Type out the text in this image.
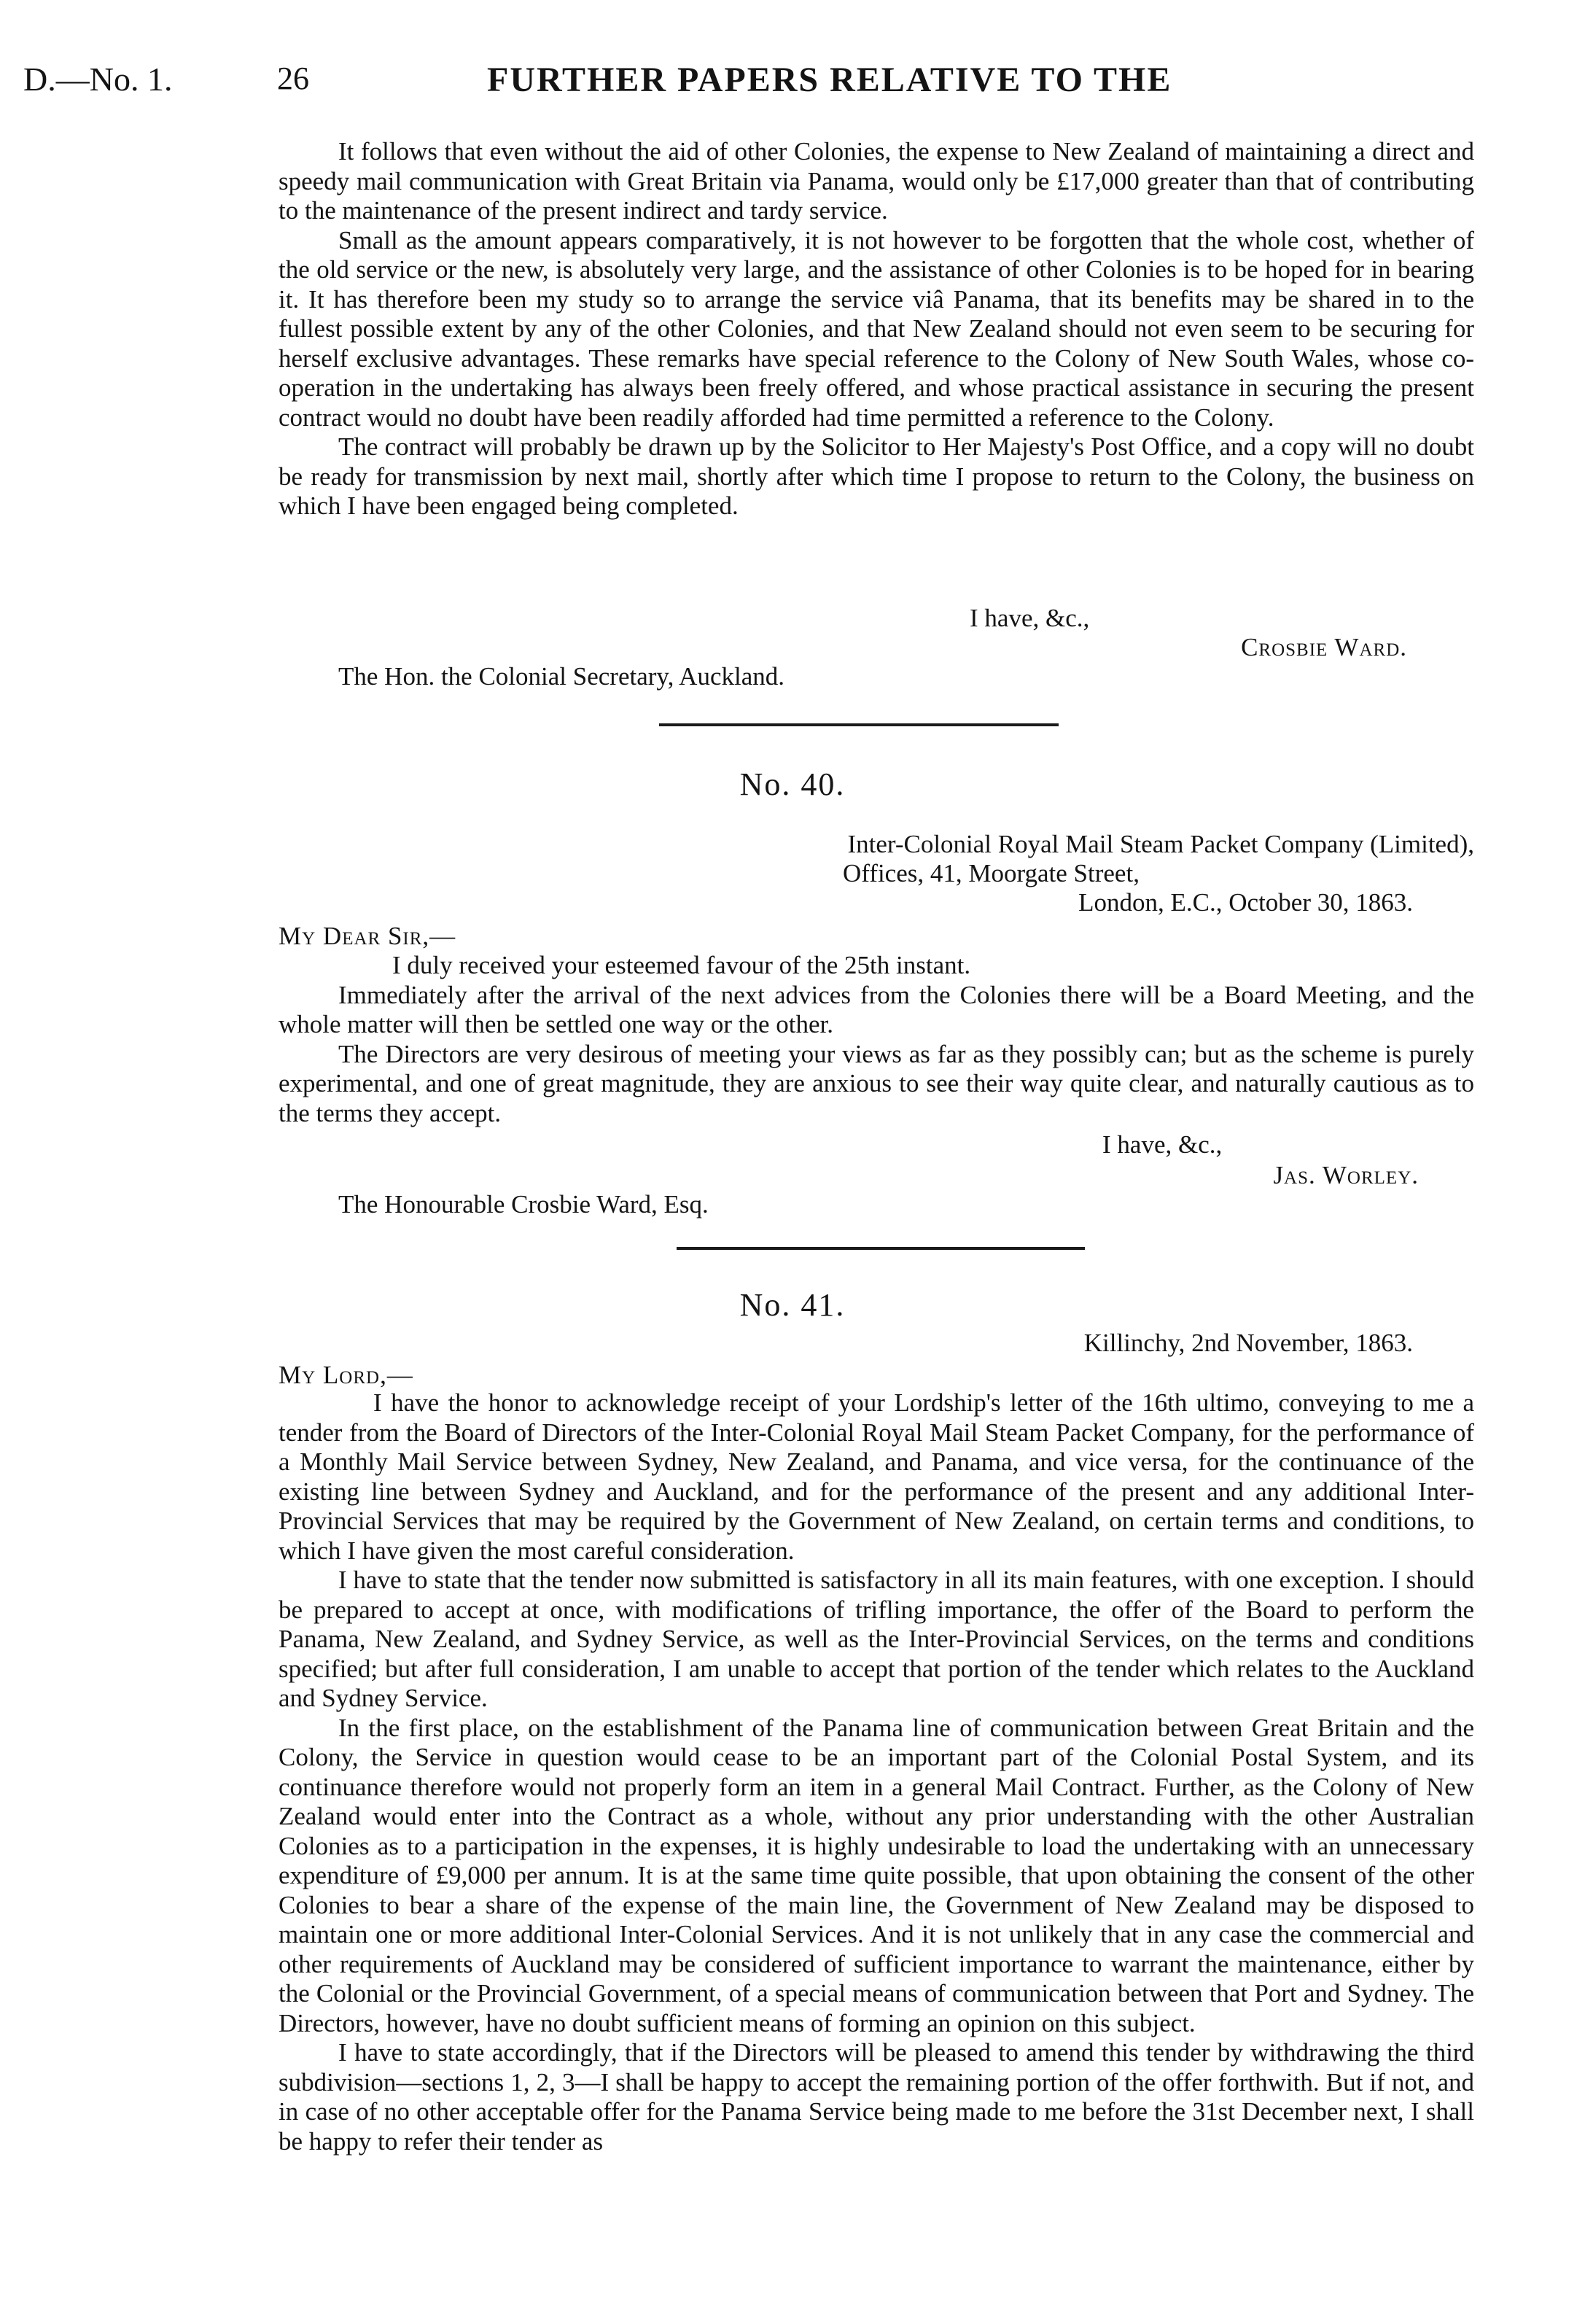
D.—No. 1.	26	FURTHER PAPERS RELATIVE TO THE

It follows that even without the aid of other Colonies, the expense to New Zealand of maintaining a direct and speedy mail communication with Great Britain via Panama, would only be £17,000 greater than that of contributing to the maintenance of the present indirect and tardy service.

Small as the amount appears comparatively, it is not however to be forgotten that the whole cost, whether of the old service or the new, is absolutely very large, and the assistance of other Colonies is to be hoped for in bearing it. It has therefore been my study so to arrange the service viâ Panama, that its benefits may be shared in to the fullest possible extent by any of the other Colonies, and that New Zealand should not even seem to be securing for herself exclusive advantages. These remarks have special reference to the Colony of New South Wales, whose co-operation in the undertaking has always been freely offered, and whose practical assistance in securing the present contract would no doubt have been readily afforded had time permitted a reference to the Colony.

The contract will probably be drawn up by the Solicitor to Her Majesty's Post Office, and a copy will no doubt be ready for transmission by next mail, shortly after which time I propose to return to the Colony, the business on which I have been engaged being completed.

I have, &c.,
Crosbie Ward.
The Hon. the Colonial Secretary, Auckland.
No. 40.
Inter-Colonial Royal Mail Steam Packet Company (Limited),
Offices, 41, Moorgate Street,
London, E.C., October 30, 1863.
My Dear Sir,—

I duly received your esteemed favour of the 25th instant.

Immediately after the arrival of the next advices from the Colonies there will be a Board Meeting, and the whole matter will then be settled one way or the other.

The Directors are very desirous of meeting your views as far as they possibly can; but as the scheme is purely experimental, and one of great magnitude, they are anxious to see their way quite clear, and naturally cautious as to the terms they accept.

I have, &c.,
Jas. Worley.
The Honourable Crosbie Ward, Esq.
No. 41.
Killinchy, 2nd November, 1863.
My Lord,—

I have the honor to acknowledge receipt of your Lordship's letter of the 16th ultimo, conveying to me a tender from the Board of Directors of the Inter-Colonial Royal Mail Steam Packet Company, for the performance of a Monthly Mail Service between Sydney, New Zealand, and Panama, and vice versa, for the continuance of the existing line between Sydney and Auckland, and for the performance of the present and any additional Inter-Provincial Services that may be required by the Government of New Zealand, on certain terms and conditions, to which I have given the most careful consideration.

I have to state that the tender now submitted is satisfactory in all its main features, with one exception. I should be prepared to accept at once, with modifications of trifling importance, the offer of the Board to perform the Panama, New Zealand, and Sydney Service, as well as the Inter-Provincial Services, on the terms and conditions specified; but after full consideration, I am unable to accept that portion of the tender which relates to the Auckland and Sydney Service.

In the first place, on the establishment of the Panama line of communication between Great Britain and the Colony, the Service in question would cease to be an important part of the Colonial Postal System, and its continuance therefore would not properly form an item in a general Mail Contract. Further, as the Colony of New Zealand would enter into the Contract as a whole, without any prior understanding with the other Australian Colonies as to a participation in the expenses, it is highly undesirable to load the undertaking with an unnecessary expenditure of £9,000 per annum. It is at the same time quite possible, that upon obtaining the consent of the other Colonies to bear a share of the expense of the main line, the Government of New Zealand may be disposed to maintain one or more additional Inter-Colonial Services. And it is not unlikely that in any case the commercial and other requirements of Auckland may be considered of sufficient importance to warrant the maintenance, either by the Colonial or the Provincial Government, of a special means of communication between that Port and Sydney. The Directors, however, have no doubt sufficient means of forming an opinion on this subject.

I have to state accordingly, that if the Directors will be pleased to amend this tender by withdrawing the third subdivision—sections 1, 2, 3—I shall be happy to accept the remaining portion of the offer forthwith. But if not, and in case of no other acceptable offer for the Panama Service being made to me before the 31st December next, I shall be happy to refer their tender as
